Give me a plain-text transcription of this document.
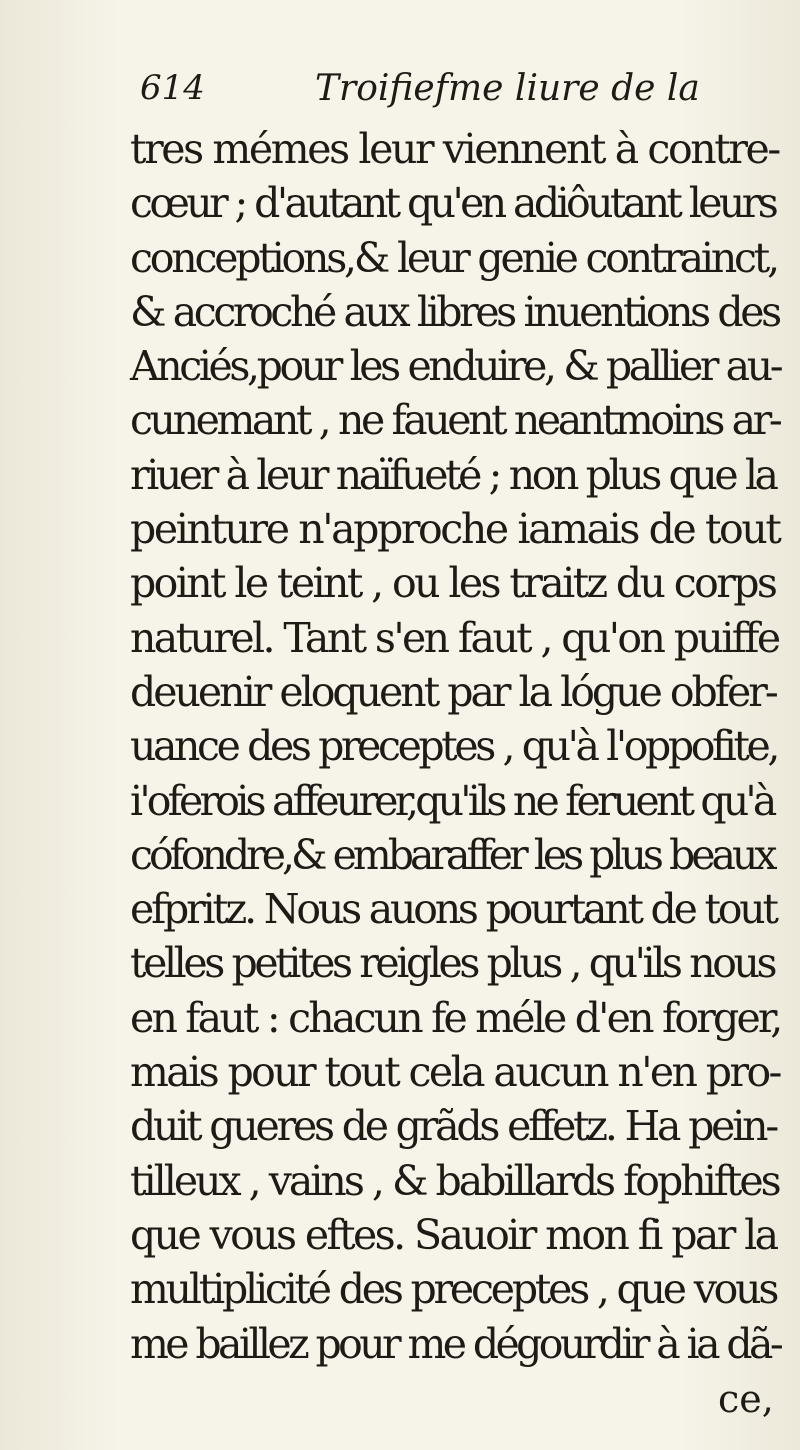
614	Troifiefme liure de la
tres mémes leur viennent à contre-
cœur ; d'autant qu'en adiôutant leurs
conceptions,& leur genie contrainct,
& accroché aux libres inuentions des
Anciés,pour les enduire, & pallier au-
cunemant , ne fauent neantmoins ar-
riuer à leur naïfueté ; non plus que la
peinture n'approche iamais de tout
point le teint , ou les traitz du corps
naturel. Tant s'en faut , qu'on puiffe
deuenir eloquent par la lógue obfer-
uance des preceptes , qu'à l'oppofite,
i'oferois affeurer,qu'ils ne feruent qu'à
cófondre,& embaraffer les plus beaux
efpritz. Nous auons pourtant de tout
telles petites reigles plus , qu'ils nous
en faut : chacun fe méle d'en forger,
mais pour tout cela aucun n'en pro-
duit gueres de grãds effetz. Ha pein-
tilleux , vains , & babillards fophiftes
que vous eftes. Sauoir mon fi par la
multiplicité des preceptes , que vous
me baillez pour me dégourdir à ia dã-
ce,
